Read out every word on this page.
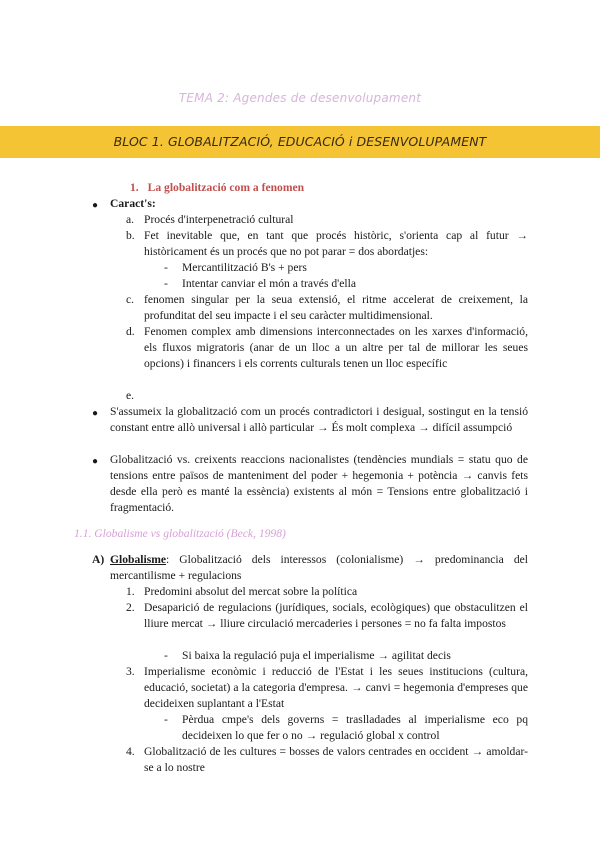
TEMA 2: Agendes de desenvolupament
BLOC 1. GLOBALITZACIÓ, EDUCACIÓ i DESENVOLUPAMENT
1. La globalització com a fenomen
● Caract's:
a. Procés d'interpenetració cultural
b. Fet inevitable que, en tant que procés històric, s'orienta cap al futur → històricament és un procés que no pot parar = dos abordatjes:
- Mercantilització B's + pers
- Intentar canviar el món a través d'ella
c. fenomen singular per la seua extensió, el ritme accelerat de creixement, la profunditat del seu impacte i el seu caràcter multidimensional.
d. Fenomen complex amb dimensions interconnectades on les xarxes d'informació, els fluxos migratoris (anar de un lloc a un altre per tal de millorar les seues opcions) i financers i els corrents culturals tenen un lloc específic
e.
● S'assumeix la globalització com un procés contradictori i desigual, sostingut en la tensió constant entre allò universal i allò particular → És molt complexa → difícil assumpció
● Globalització vs. creixents reaccions nacionalistes (tendències mundials = statu quo de tensions entre països de manteniment del poder + hegemonia + potència → canvis fets desde ella però es manté la essència) existents al món = Tensions entre globalització i fragmentació.
1.1. Globalisme vs globalització (Beck, 1998)
A) Globalisme: Globalització dels interessos (colonialisme) → predominancia del mercantilisme + regulacions
1. Predomini absolut del mercat sobre la política
2. Desaparició de regulacions (jurídiques, socials, ecològiques) que obstaculitzen el lliure mercat → lliure circulació mercaderies i persones = no fa falta impostos
- Si baixa la regulació puja el imperialisme → agilitat decis
3. Imperialisme econòmic i reducció de l'Estat i les seues institucions (cultura, educació, societat) a la categoria d'empresa. → canvi = hegemonia d'empreses que decideixen suplantant a l'Estat
- Pèrdua cmpe's dels governs = traslladades al imperialisme eco pq decideixen lo que fer o no → regulació global x control
4. Globalització de les cultures = bosses de valors centrades en occident → amoldar-se a lo nostre
